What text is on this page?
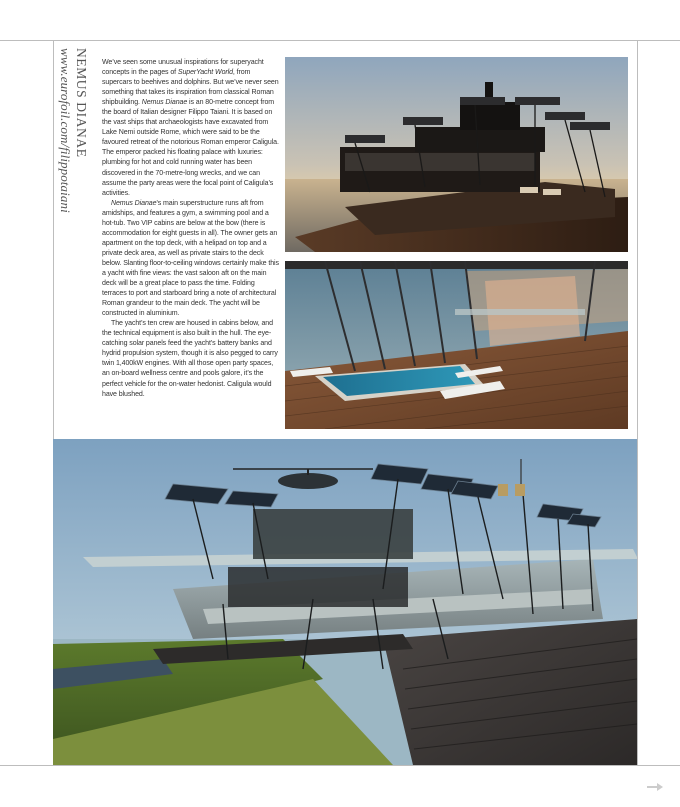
NEMUS DIANAE
www.eurofoil.com/filippotaiani	We’ve seen some unusual inspirations for superyacht concepts in the pages of SuperYacht World, from supercars to beehives and dolphins. But we’ve never seen something that takes its inspiration from classical Roman shipbuilding. Nemus Dianae is an 80-metre concept from the board of Italian designer Filippo Taiani. It is based on the vast ships that archaeologists have excavated from Lake Nemi outside Rome, which were said to be the favoured retreat of the notorious Roman emperor Caligula. The emperor packed his floating palace with luxuries: plumbing for hot and cold running water has been discovered in the 70-metre-long wrecks, and we can assume the party areas were the focal point of Caligula’s activities.

Nemus Dianae’s main superstructure runs aft from amidships, and features a gym, a swimming pool and a hot-tub. Two VIP cabins are below at the bow (there is accommodation for eight guests in all). The owner gets an apartment on the top deck, with a helipad on top and a private deck area, as well as private stairs to the deck below. Slanting floor-to-ceiling windows certainly make this a yacht with fine views: the vast saloon aft on the main deck will be a great place to pass the time. Folding terraces to port and starboard bring a note of architectural Roman grandeur to the main deck. The yacht will be constructed in aluminium.

The yacht’s ten crew are housed in cabins below, and the technical equipment is also built in the hull. The eye-catching solar panels feed the yacht’s battery banks and hydrid propulsion system, though it is also pegged to carry twin 1,400kW engines. With all those open party spaces, an on-board wellness centre and pools galore, it’s the perfect vehicle for the on-water hedonist. Caligula would have blushed.
